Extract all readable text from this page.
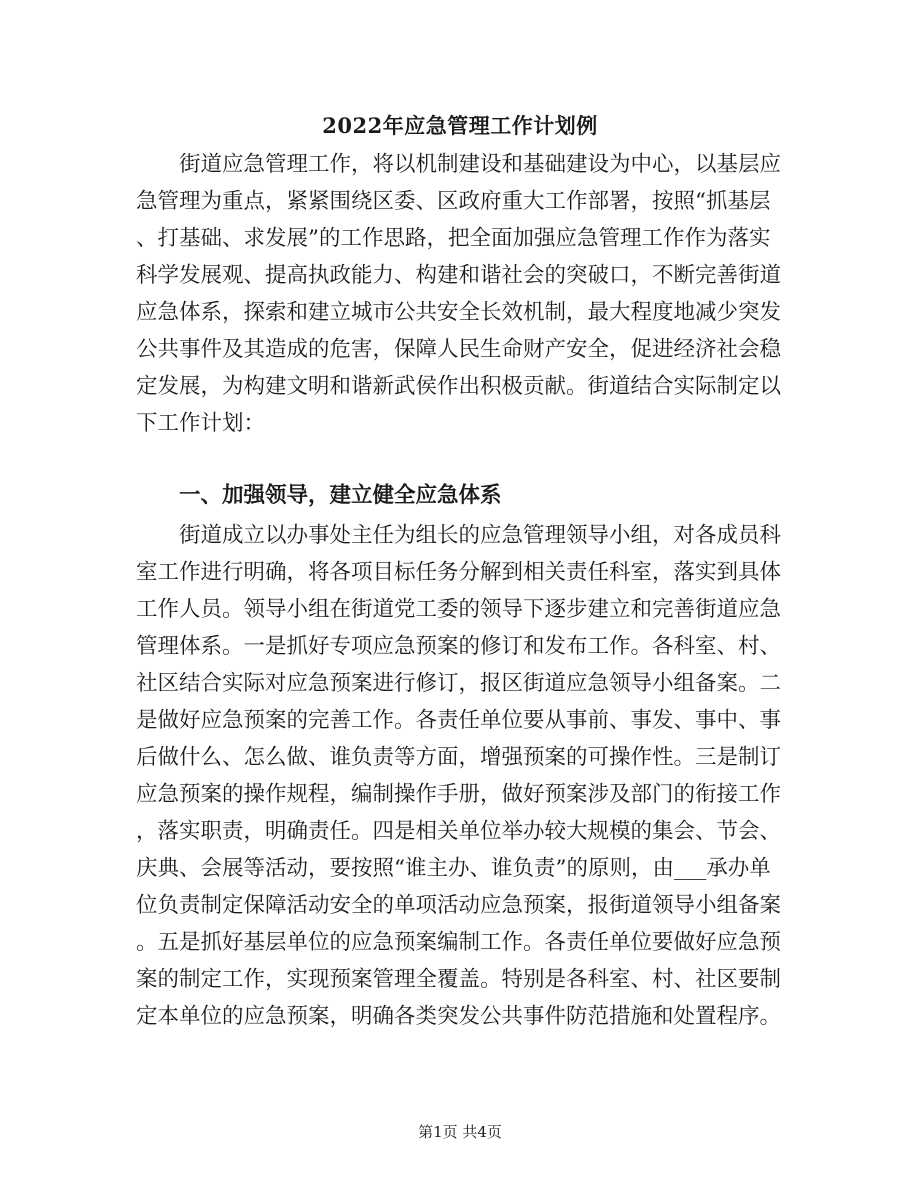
2022年应急管理工作计划例
　　街道应急管理工作，将以机制建设和基础建设为中心，以基层应
急管理为重点，紧紧围绕区委、区政府重大工作部署，按照“抓基层
、打基础、求发展”的工作思路，把全面加强应急管理工作作为落实
科学发展观、提高执政能力、构建和谐社会的突破口，不断完善街道
应急体系，探索和建立城市公共安全长效机制，最大程度地减少突发
公共事件及其造成的危害，保障人民生命财产安全，促进经济社会稳
定发展，为构建文明和谐新武侯作出积极贡献。街道结合实际制定以
下工作计划：
　　一、加强领导，建立健全应急体系
　　街道成立以办事处主任为组长的应急管理领导小组，对各成员科
室工作进行明确，将各项目标任务分解到相关责任科室，落实到具体
工作人员。领导小组在街道党工委的领导下逐步建立和完善街道应急
管理体系。一是抓好专项应急预案的修订和发布工作。各科室、村、
社区结合实际对应急预案进行修订，报区街道应急领导小组备案。二
是做好应急预案的完善工作。各责任单位要从事前、事发、事中、事
后做什么、怎么做、谁负责等方面，增强预案的可操作性。三是制订
应急预案的操作规程，编制操作手册，做好预案涉及部门的衔接工作
，落实职责，明确责任。四是相关单位举办较大规模的集会、节会、
庆典、会展等活动，要按照“谁主办、谁负责”的原则，由___承办单
位负责制定保障活动安全的单项活动应急预案，报街道领导小组备案
。五是抓好基层单位的应急预案编制工作。各责任单位要做好应急预
案的制定工作，实现预案管理全覆盖。特别是各科室、村、社区要制
定本单位的应急预案，明确各类突发公共事件防范措施和处置程序。
第1页 共4页
